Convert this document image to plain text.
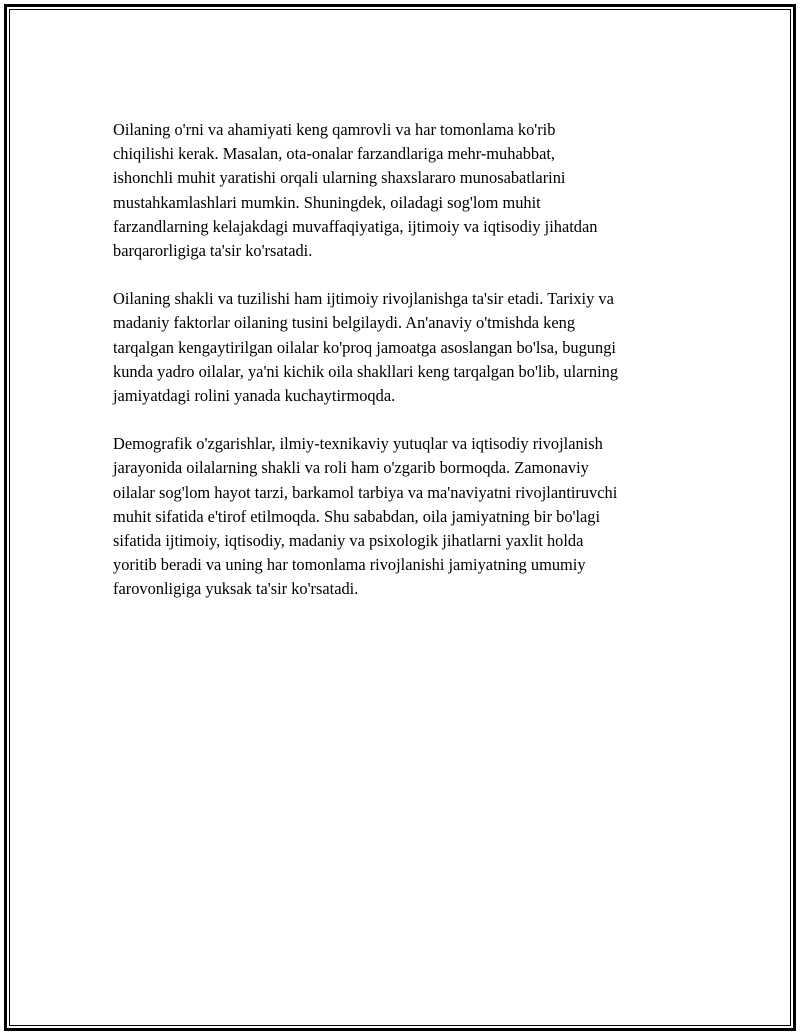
Oilaning o'rni va ahamiyati keng qamrovli va har tomonlama ko'rib
chiqilishi kerak. Masalan, ota-onalar farzandlariga mehr-muhabbat,
ishonchli muhit yaratishi orqali ularning shaxslararo munosabatlarini
mustahkamlashlari mumkin. Shuningdek, oiladagi sog'lom muhit
farzandlarning kelajakdagi muvaffaqiyatiga, ijtimoiy va iqtisodiy jihatdan
barqarorligiga ta'sir ko'rsatadi.

Oilaning shakli va tuzilishi ham ijtimoiy rivojlanishga ta'sir etadi. Tarixiy va
madaniy faktorlar oilaning tusini belgilaydi. An'anaviy o'tmishda keng
tarqalgan kengaytirilgan oilalar ko'proq jamoatga asoslangan bo'lsa, bugungi
kunda yadro oilalar, ya'ni kichik oila shakllari keng tarqalgan bo'lib, ularning
jamiyatdagi rolini yanada kuchaytirmoqda.

Demografik o'zgarishlar, ilmiy-texnikaviy yutuqlar va iqtisodiy rivojlanish
jarayonida oilalarning shakli va roli ham o'zgarib bormoqda. Zamonaviy
oilalar sog'lom hayot tarzi, barkamol tarbiya va ma'naviyatni rivojlantiruvchi
muhit sifatida e'tirof etilmoqda. Shu sababdan, oila jamiyatning bir bo'lagi
sifatida ijtimoiy, iqtisodiy, madaniy va psixologik jihatlarni yaxlit holda
yoritib beradi va uning har tomonlama rivojlanishi jamiyatning umumiy
farovonligiga yuksak ta'sir ko'rsatadi.
